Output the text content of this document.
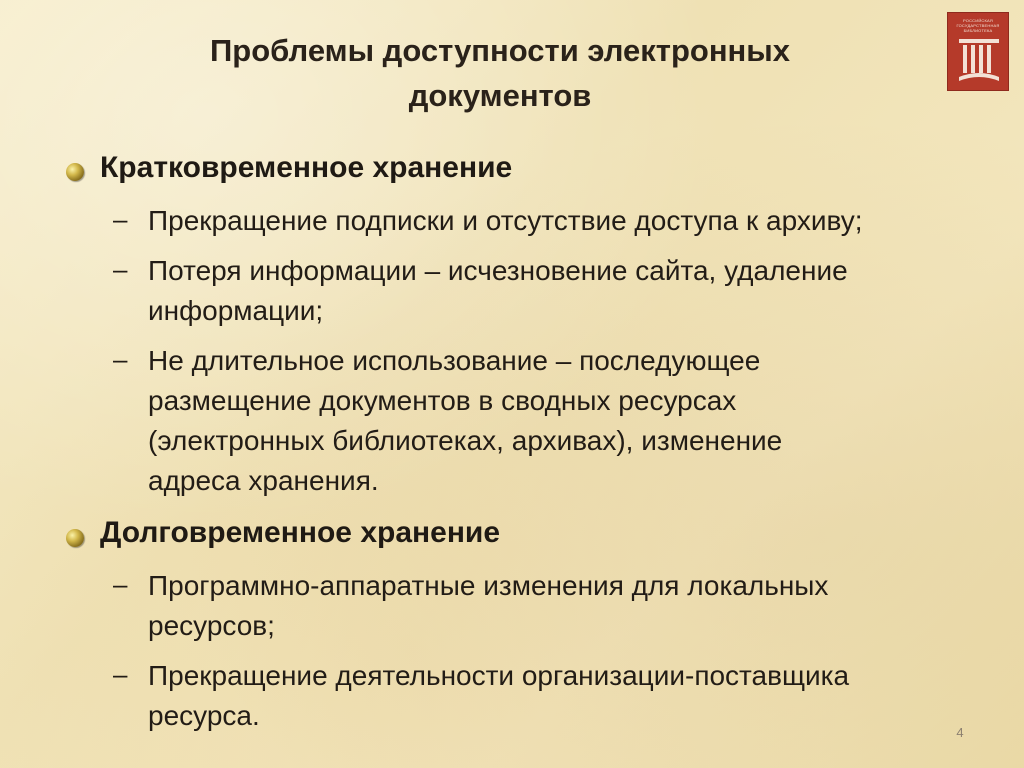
Проблемы доступности электронных документов
РОССИЙСКАЯ ГОСУДАРСТВЕННАЯ БИБЛИОТЕКА
Кратковременное хранение
– Прекращение подписки и отсутствие доступа к архиву;
– Потеря информации – исчезновение сайта, удаление информации;
– Не длительное использование – последующее размещение документов в сводных ресурсах (электронных библиотеках, архивах), изменение адреса хранения.
Долговременное хранение
– Программно-аппаратные изменения для локальных ресурсов;
– Прекращение деятельности организации-поставщика ресурса.
4
